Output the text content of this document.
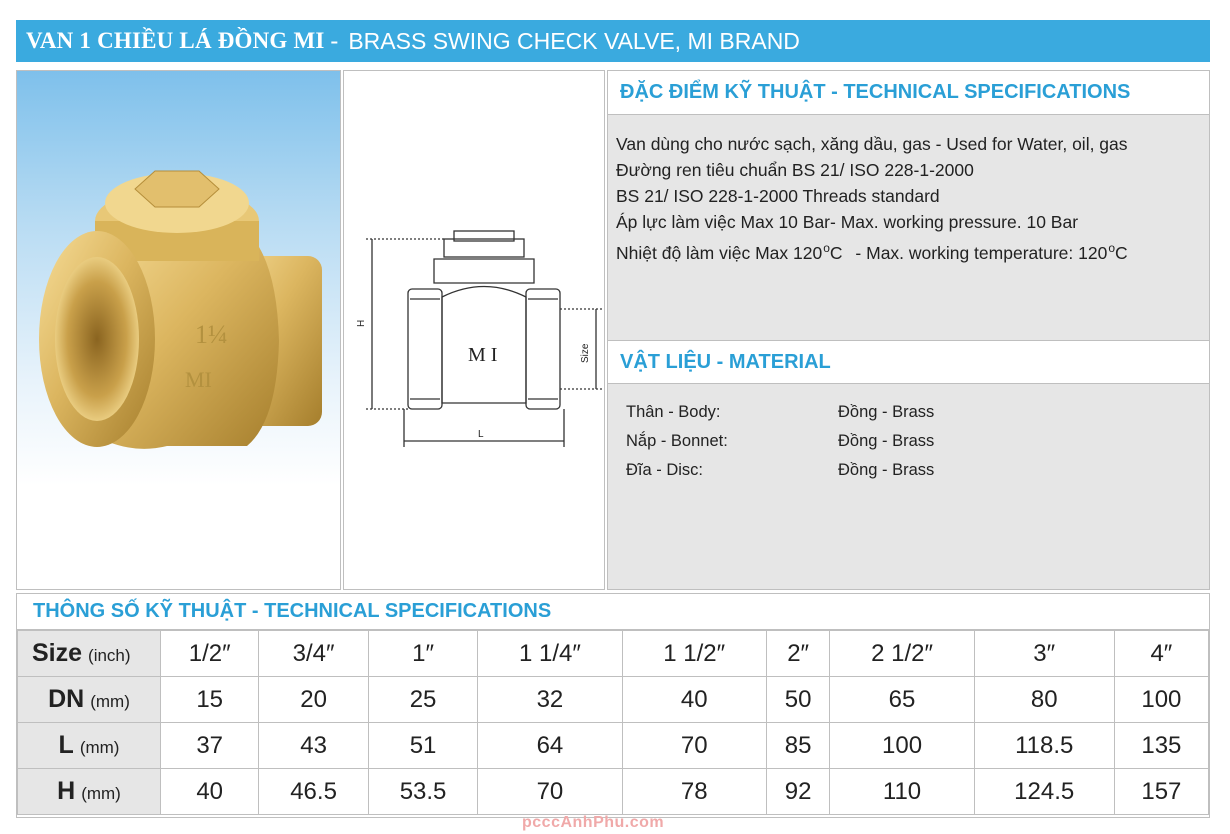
VAN 1 CHIỀU LÁ ĐỒNG MI - BRASS SWING CHECK VALVE, MI BRAND
1¼
MI
M I
H
Size
L
ĐẶC ĐIỂM KỸ THUẬT - TECHNICAL SPECIFICATIONS
Van dùng cho nước sạch, xăng dầu, gas - Used for Water, oil, gas
Đường ren tiêu chuẩn BS 21/ ISO 228-1-2000
BS 21/ ISO 228-1-2000 Threads standard
Áp lực làm việc Max 10 Bar- Max. working pressure. 10 Bar
Nhiệt độ làm việc Max 120$^o$C - Max. working temperature: 120$^o$C
VẬT LIỆU - MATERIAL
Thân - Body:	Đồng - Brass
Nắp - Bonnet:	Đồng - Brass
Đĩa - Disc:	Đồng - Brass
THÔNG SỐ KỸ THUẬT - TECHNICAL SPECIFICATIONS
Size (inch)	1/2″	3/4″	1″	1 1/4″	1 1/2″	2″	2 1/2″	3″	4″
DN (mm)	15	20	25	32	40	50	65	80	100
L (mm)	37	43	51	64	70	85	100	118.5	135
H (mm)	40	46.5	53.5	70	78	92	110	124.5	157
pcccAnhPhu.com
